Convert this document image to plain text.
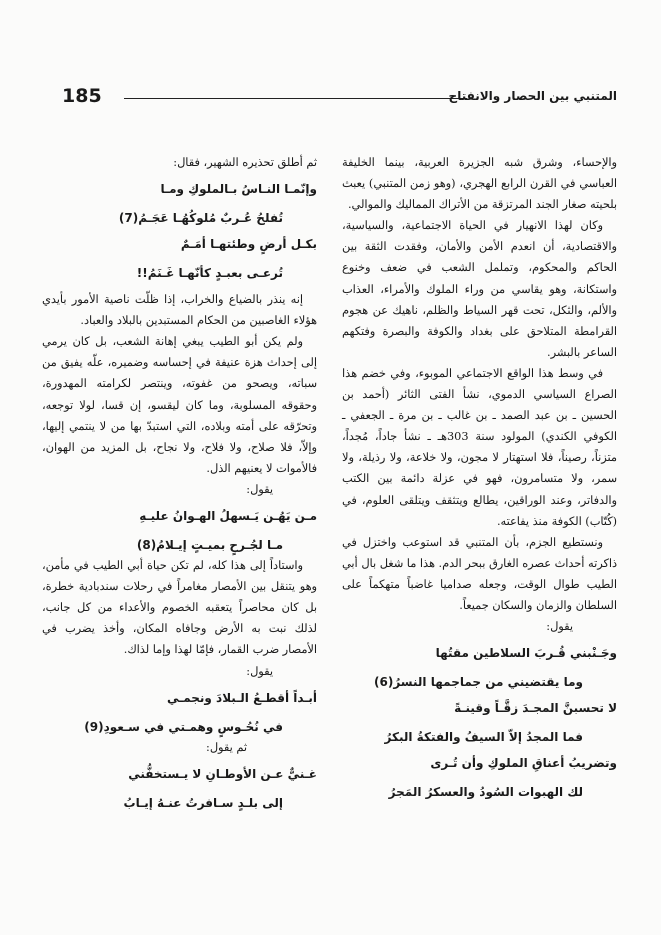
185	المتنبي بين الحصار والانفتاح

والإحساء، وشرق شبه الجزيرة العربية، بينما الخليفة العباسي في القرن الرابع الهجري، (وهو زمن المتنبي) يعبث بلحيته صغار الجند المرتزقة من الأتراك المماليك والموالي.

وكان لهذا الانهيار في الحياة الاجتماعية، والسياسية، والاقتصادية، أن انعدم الأمن والأمان، وفقدت الثقة بين الحاكم والمحكوم، وتململ الشعب في ضعف وخنوع واستكانة، وهو يقاسي من وراء الملوك والأمراء، العذاب والألم، والثكل، تحت قهر السياط والظلم، ناهيك عن هجوم القرامطة المتلاحق على بغداد والكوفة والبصرة وفتكهم الساعر بالبشر.

في وسط هذا الواقع الاجتماعي الموبوء، وفي خضم هذا الصراع السياسي الدموي، نشأ الفتى الثائر (أحمد بن الحسين ـ بن عبد الصمد ـ بن غالب ـ بن مرة ـ الجعفي ـ الكوفي الكندي) المولود سنة 303هـ ـ نشأ جاداً، مُجداً، متزناً، رصيناً، فلا استهتار لا مجون، ولا خلاعة، ولا رذيلة، ولا سمر، ولا متسامرون، فهو في عزلة دائمة بين الكتب والدفاتر، وعند الوراقين، يطالع ويتثقف ويتلقى العلوم، في (كُتّاب) الكوفة منذ يفاعته.

ونستطيع الجزم، بأن المتنبي قد استوعب واختزل في ذاكرته أحداث عصره الغارق ببحر الدم. هذا ما شغل بال أبي الطيب طوال الوقت، وجعله صداميا غاضباً متهكماً على السلطان والزمان والسكان جميعاً.

يقول:

وجَـنْبني قُـربَ السلاطين مقتُها
وما يقتضيني من جماجمها النسرُ(6)
لا تحسبنَّ المجـدَ زقَّـاً وقينـةً
فما المجدُ إلاّ السيفُ والفتكةُ البكرُ
وتضريبُ أعناقِ الملوكِ وأن تُـرى
لك الهبوات السُودُ والعسكرُ المَجرُ

ثم أطلق تحذيره الشهير، فقال:

وإنّمـا النـاسُ بـالملوكِ ومـا
تُفلحُ عُـربٌ مُلوكُهُـا عَجَـمُ(7)
بكـل أرضٍ وطئتهـا أمَـمٌ
تُرعـى بعبـدٍ كأنّهـا غَـنَمُ!!

إنه ينذر بالضياع والخراب، إذا ظلّت ناصية الأمور بأيدي هؤلاء الغاصبين من الحكام المستبدين بالبلاد والعباد.

ولم يكن أبو الطيب يبغي إهانة الشعب، بل كان يرمي إلى إحداث هزة عنيفة في إحساسه وضميره، علّه يفيق من سباته، ويصحو من غفوته، وينتصر لكرامته المهدورة، وحقوقه المسلوبة، وما كان ليقسو، إن قسا، لولا توجعه، وتحرّقه على أمته وبلاده، التي استبدّ بها من لا ينتمي إليها، وإلاّ، فلا صلاح، ولا فلاح، ولا نجاح، بل المزيد من الهوان، فالأموات لا يعنيهم الذل.

يقول:

مـن يَهُـن يَـسهلُ الهـوانُ عليـهِ
مـا لجُـرحٍ بميـتٍ إيـلامُ(8)

واستاداً إلى هذا كله، لم تكن حياة أبي الطيب في مأمن، وهو يتنقل بين الأمصار مغامراً في رحلات سندبادية خطرة، بل كان محاصراً يتعقبه الخصوم والأعداء من كل جانب، لذلك نبت به الأرض وجافاه المكان، وأخذ يضرب في الأمصار ضرب القمار، فإمّا لهذا وإما لذاك.

يقول:

أبـداً أقطـعُ الـبلادَ ونجمـي
في نُحُـوسٍ وهمـتي في سـعودِ(9)

ثم يقول:

غـنيٌّ عـن الأوطـانِ لا يـستخفُّني
إلى بلـدٍ سـافرتُ عنـهُ إيـابُ
